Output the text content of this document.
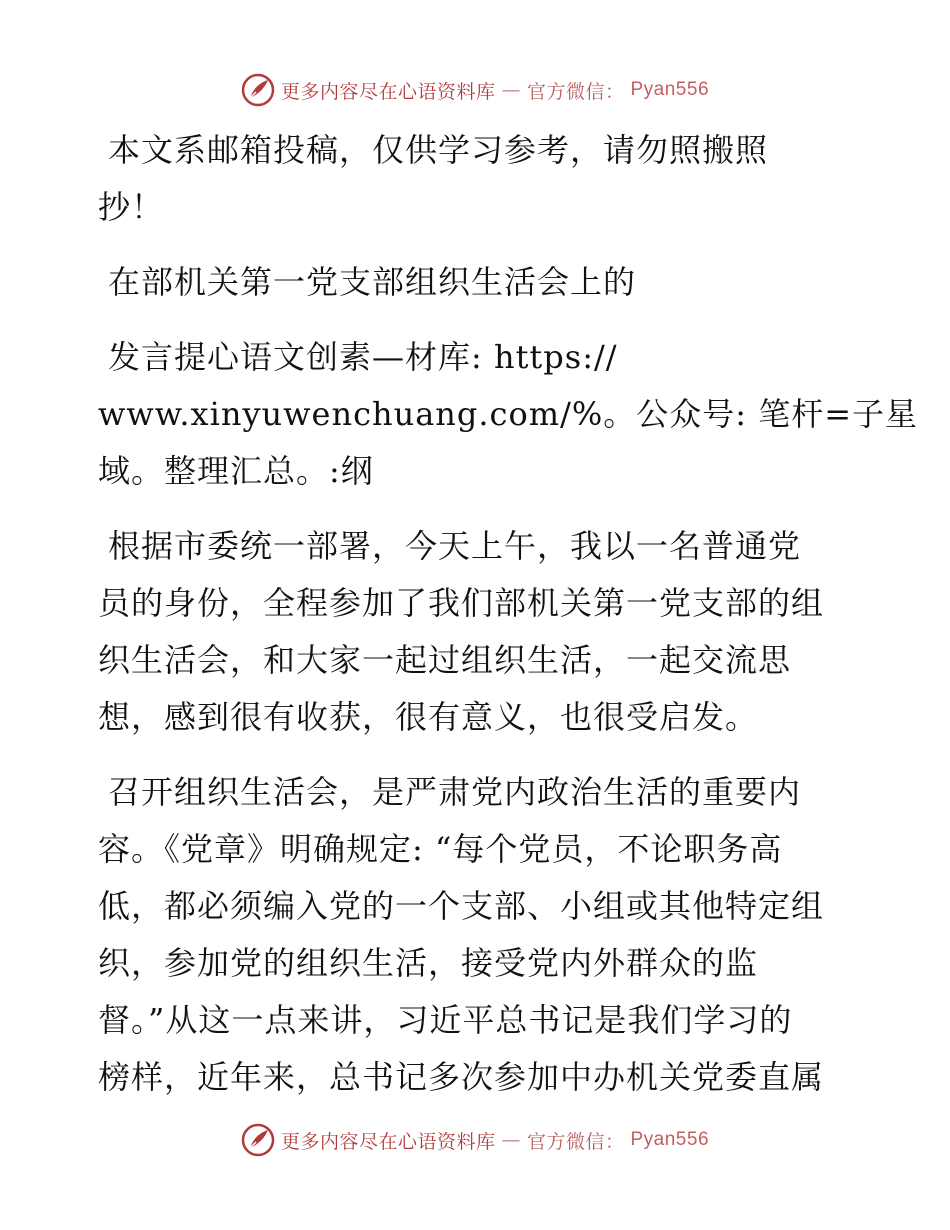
更多内容尽在心语资料库 — 官方微信： Pyan556
本文系邮箱投稿，仅供学习参考，请勿照搬照
抄！
在部机关第一党支部组织生活会上的
发言提心语文创素—材库: https://
www.xinyuwenchuang.com/%。公众号: 笔杆=子星
域。整理汇总。:纲
根据市委统一部署，今天上午，我以一名普通党
员的身份，全程参加了我们部机关第一党支部的组
织生活会，和大家一起过组织生活，一起交流思
想，感到很有收获，很有意义，也很受启发。
召开组织生活会，是严肃党内政治生活的重要内
容。《党章》明确规定: “每个党员，不论职务高
低，都必须编入党的一个支部、小组或其他特定组
织，参加党的组织生活，接受党内外群众的监
督。”从这一点来讲，习近平总书记是我们学习的
榜样，近年来，总书记多次参加中办机关党委直属
更多内容尽在心语资料库 — 官方微信： Pyan556
